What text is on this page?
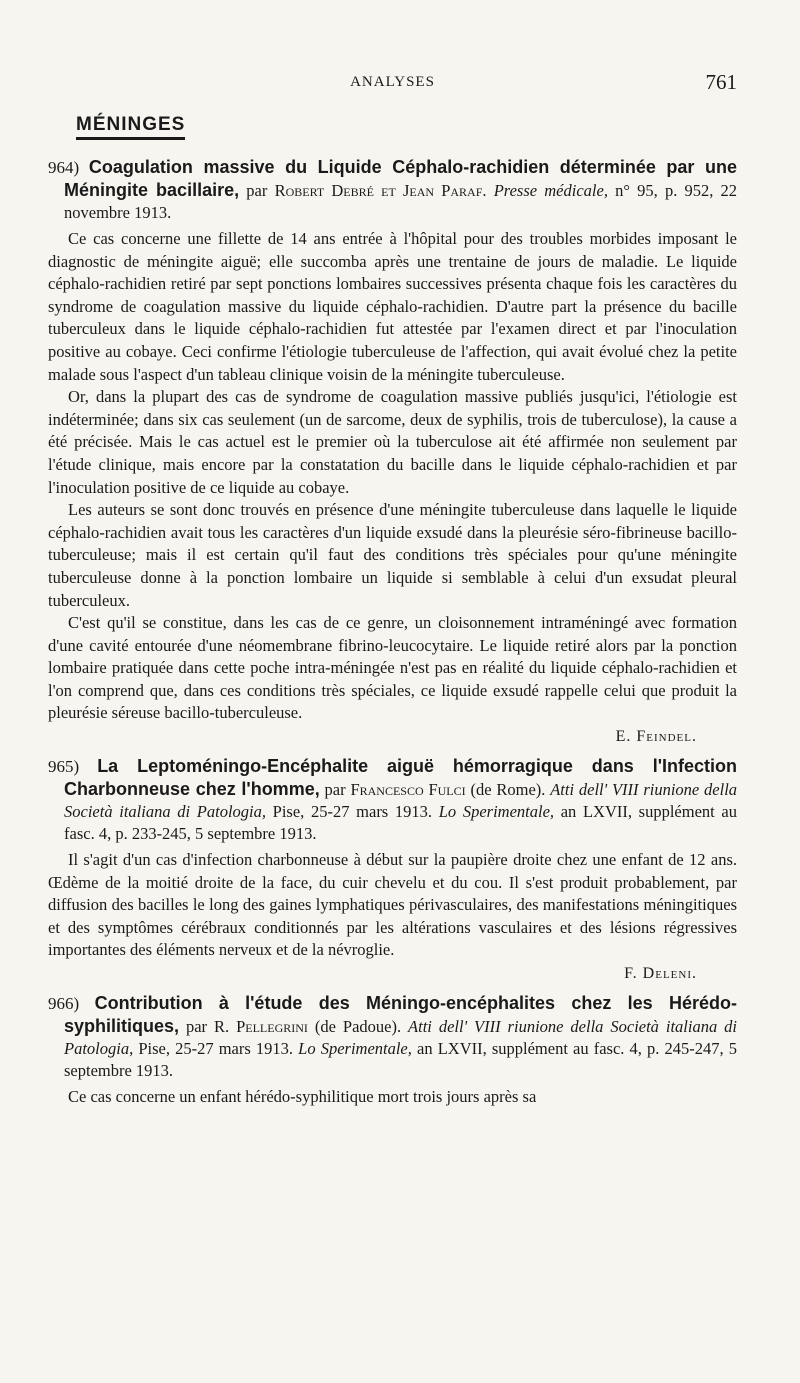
ANALYSES	761
MÉNINGES
964) Coagulation massive du Liquide Céphalo-rachidien déterminée par une Méningite bacillaire, par Robert Debré et Jean Paraf. Presse médicale, n° 95, p. 952, 22 novembre 1913.

Ce cas concerne une fillette de 14 ans entrée à l'hôpital pour des troubles morbides imposant le diagnostic de méningite aiguë; elle succomba après une trentaine de jours de maladie. Le liquide céphalo-rachidien retiré par sept ponctions lombaires successives présenta chaque fois les caractères du syndrome de coagulation massive du liquide céphalo-rachidien. D'autre part la présence du bacille tuberculeux dans le liquide céphalo-rachidien fut attestée par l'examen direct et par l'inoculation positive au cobaye. Ceci confirme l'étiologie tuberculeuse de l'affection, qui avait évolué chez la petite malade sous l'aspect d'un tableau clinique voisin de la méningite tuberculeuse.

Or, dans la plupart des cas de syndrome de coagulation massive publiés jusqu'ici, l'étiologie est indéterminée; dans six cas seulement (un de sarcome, deux de syphilis, trois de tuberculose), la cause a été précisée. Mais le cas actuel est le premier où la tuberculose ait été affirmée non seulement par l'étude clinique, mais encore par la constatation du bacille dans le liquide céphalo-rachidien et par l'inoculation positive de ce liquide au cobaye.

Les auteurs se sont donc trouvés en présence d'une méningite tuberculeuse dans laquelle le liquide céphalo-rachidien avait tous les caractères d'un liquide exsudé dans la pleurésie séro-fibrineuse bacillo-tuberculeuse; mais il est certain qu'il faut des conditions très spéciales pour qu'une méningite tuberculeuse donne à la ponction lombaire un liquide si semblable à celui d'un exsudat pleural tuberculeux.

C'est qu'il se constitue, dans les cas de ce genre, un cloisonnement intraméningé avec formation d'une cavité entourée d'une néomembrane fibrino-leucocytaire. Le liquide retiré alors par la ponction lombaire pratiquée dans cette poche intra-méningée n'est pas en réalité du liquide céphalo-rachidien et l'on comprend que, dans ces conditions très spéciales, ce liquide exsudé rappelle celui que produit la pleurésie séreuse bacillo-tuberculeuse.

E. Feindel.
965) La Leptoméningo-Encéphalite aiguë hémorragique dans l'Infection Charbonneuse chez l'homme, par Francesco Fulci (de Rome). Atti dell' VIII riunione della Società italiana di Patologia, Pise, 25-27 mars 1913. Lo Sperimentale, an LXVII, supplément au fasc. 4, p. 233-245, 5 septembre 1913.

Il s'agit d'un cas d'infection charbonneuse à début sur la paupière droite chez une enfant de 12 ans. Œdème de la moitié droite de la face, du cuir chevelu et du cou. Il s'est produit probablement, par diffusion des bacilles le long des gaines lymphatiques périvasculaires, des manifestations méningitiques et des symptômes cérébraux conditionnés par les altérations vasculaires et des lésions régressives importantes des éléments nerveux et de la névroglie.

F. Deleni.
966) Contribution à l'étude des Méningo-encéphalites chez les Hérédo-syphilitiques, par R. Pellegrini (de Padoue). Atti dell' VIII riunione della Società italiana di Patologia, Pise, 25-27 mars 1913. Lo Sperimentale, an LXVII, supplément au fasc. 4, p. 245-247, 5 septembre 1913.

Ce cas concerne un enfant hérédo-syphilitique mort trois jours après sa
